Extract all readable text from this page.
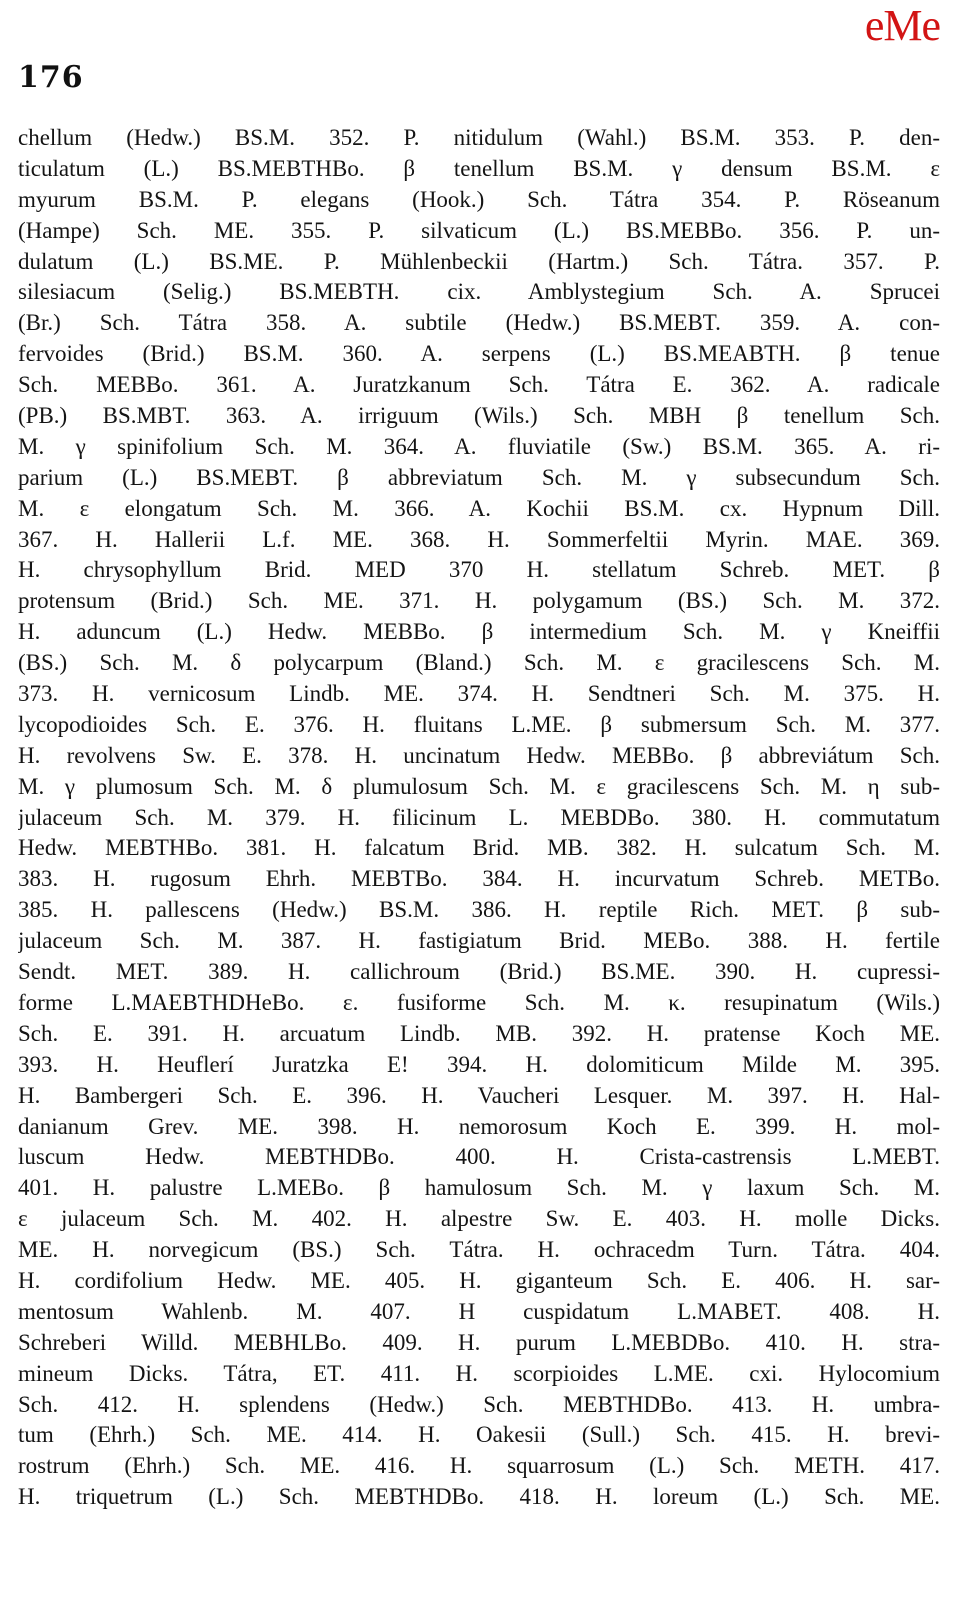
eMe
176
chellum (Hedw.) BS.M. 352. P. nitidulum (Wahl.) BS.M. 353. P. den-
ticulatum (L.) BS.MEBTHBo. β tenellum BS.M. γ densum BS.M. ε
myurum BS.M. P. elegans (Hook.) Sch. Tátra 354. P. Röseanum
(Hampe) Sch. ME. 355. P. silvaticum (L.) BS.MEBBo. 356. P. un-
dulatum (L.) BS.ME. P. Mühlenbeckii (Hartm.) Sch. Tátra. 357. P.
silesiacum (Selig.) BS.MEBTH. cix. Amblystegium Sch. A. Sprucei
(Br.) Sch. Tátra 358. A. subtile (Hedw.) BS.MEBT. 359. A. con-
fervoides (Brid.) BS.M. 360. A. serpens (L.) BS.MEABTH. β tenue
Sch. MEBBo. 361. A. Juratzkanum Sch. Tátra E. 362. A. radicale
(PB.) BS.MBT. 363. A. irriguum (Wils.) Sch. MBH β tenellum Sch.
M. γ spinifolium Sch. M. 364. A. fluviatile (Sw.) BS.M. 365. A. ri-
parium (L.) BS.MEBT. β abbreviatum Sch. M. γ subsecundum Sch.
M. ε elongatum Sch. M. 366. A. Kochii BS.M. cx. Hypnum Dill.
367. H. Hallerii L.f. ME. 368. H. Sommerfeltii Myrin. MAE. 369.
H. chrysophyllum Brid. MED 370 H. stellatum Schreb. MET. β
protensum (Brid.) Sch. ME. 371. H. polygamum (BS.) Sch. M. 372.
H. aduncum (L.) Hedw. MEBBo. β intermedium Sch. M. γ Kneiffii
(BS.) Sch. M. δ polycarpum (Bland.) Sch. M. ε gracilescens Sch. M.
373. H. vernicosum Lindb. ME. 374. H. Sendtneri Sch. M. 375. H.
lycopodioides Sch. E. 376. H. fluitans L.ME. β submersum Sch. M. 377.
H. revolvens Sw. E. 378. H. uncinatum Hedw. MEBBo. β abbreviátum Sch.
M. γ plumosum Sch. M. δ plumulosum Sch. M. ε gracilescens Sch. M. η sub-
julaceum Sch. M. 379. H. filicinum L. MEBDBo. 380. H. commutatum
Hedw. MEBTHBo. 381. H. falcatum Brid. MB. 382. H. sulcatum Sch. M.
383. H. rugosum Ehrh. MEBTBo. 384. H. incurvatum Schreb. METBo.
385. H. pallescens (Hedw.) BS.M. 386. H. reptile Rich. MET. β sub-
julaceum Sch. M. 387. H. fastigiatum Brid. MEBo. 388. H. fertile
Sendt. MET. 389. H. callichroum (Brid.) BS.ME. 390. H. cupressi-
forme L.MAEBTHDHeBo. ε. fusiforme Sch. M. κ. resupinatum (Wils.)
Sch. E. 391. H. arcuatum Lindb. MB. 392. H. pratense Koch ME.
393. H. Heuflerí Juratzka E! 394. H. dolomiticum Milde M. 395.
H. Bambergeri Sch. E. 396. H. Vaucheri Lesquer. M. 397. H. Hal-
danianum Grev. ME. 398. H. nemorosum Koch E. 399. H. mol-
luscum Hedw. MEBTHDBo. 400. H. Crista-castrensis L.MEBT.
401. H. palustre L.MEBo. β hamulosum Sch. M. γ laxum Sch. M.
ε julaceum Sch. M. 402. H. alpestre Sw. E. 403. H. molle Dicks.
ME. H. norvegicum (BS.) Sch. Tátra. H. ochracedm Turn. Tátra. 404.
H. cordifolium Hedw. ME. 405. H. giganteum Sch. E. 406. H. sar-
mentosum Wahlenb. M. 407. H cuspidatum L.MABET. 408. H.
Schreberi Willd. MEBHLBo. 409. H. purum L.MEBDBo. 410. H. stra-
mineum Dicks. Tátra, ET. 411. H. scorpioides L.ME. cxi. Hylocomium
Sch. 412. H. splendens (Hedw.) Sch. MEBTHDBo. 413. H. umbra-
tum (Ehrh.) Sch. ME. 414. H. Oakesii (Sull.) Sch. 415. H. brevi-
rostrum (Ehrh.) Sch. ME. 416. H. squarrosum (L.) Sch. METH. 417.
H. triquetrum (L.) Sch. MEBTHDBo. 418. H. loreum (L.) Sch. ME.
